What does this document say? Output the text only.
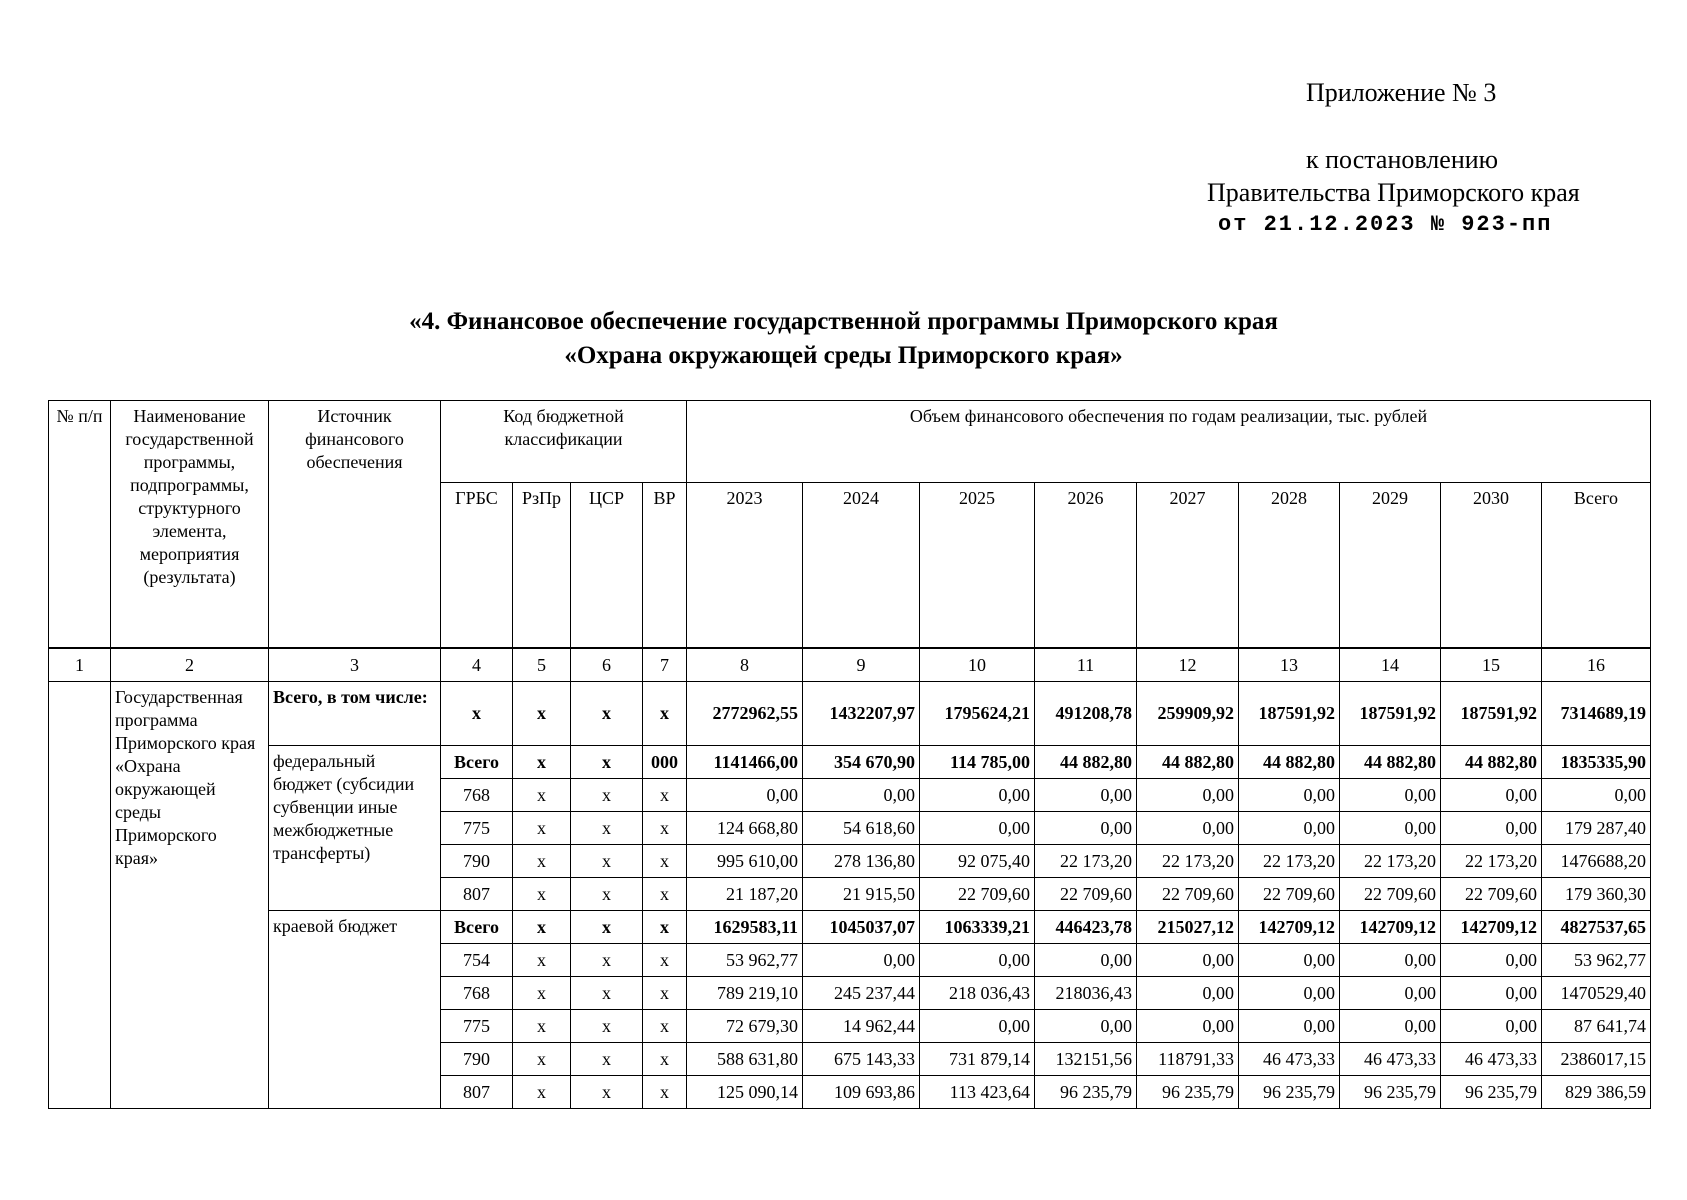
Приложение № 3
к постановлению
Правительства Приморского края
от 21.12.2023 № 923-пп
«4. Финансовое обеспечение государственной программы Приморского края
«Охрана окружающей среды Приморского края»
№ п/п	Наименование государственной программы, подпрограммы, структурного элемента, мероприятия (результата)	Источник финансового обеспечения	Код бюджетной классификации				Объем финансового обеспечения по годам реализации, тыс. рублей								
			ГРБС	РзПр	ЦСР	ВР	2023	2024	2025	2026	2027	2028	2029	2030	Всего
1	2	3	4	5	6	7	8	9	10	11	12	13	14	15	16
	Государственная программа Приморского края «Охрана окружающей среды Приморского края»	Всего, в том числе:	x	x	x	x	2772962,55	1432207,97	1795624,21	491208,78	259909,92	187591,92	187591,92	187591,92	7314689,19
		федеральный бюджет (субсидии субвенции иные межбюджетные трансферты)	Всего	x	x	000	1141466,00	354 670,90	114 785,00	44 882,80	44 882,80	44 882,80	44 882,80	44 882,80	1835335,90
			768	x	x	x	0,00	0,00	0,00	0,00	0,00	0,00	0,00	0,00	0,00
			775	x	x	x	124 668,80	54 618,60	0,00	0,00	0,00	0,00	0,00	0,00	179 287,40
			790	x	x	x	995 610,00	278 136,80	92 075,40	22 173,20	22 173,20	22 173,20	22 173,20	22 173,20	1476688,20
			807	x	x	x	21 187,20	21 915,50	22 709,60	22 709,60	22 709,60	22 709,60	22 709,60	22 709,60	179 360,30
		краевой бюджет	Всего	x	x	x	1629583,11	1045037,07	1063339,21	446423,78	215027,12	142709,12	142709,12	142709,12	4827537,65
			754	x	x	x	53 962,77	0,00	0,00	0,00	0,00	0,00	0,00	0,00	53 962,77
			768	x	x	x	789 219,10	245 237,44	218 036,43	218036,43	0,00	0,00	0,00	0,00	1470529,40
			775	x	x	x	72 679,30	14 962,44	0,00	0,00	0,00	0,00	0,00	0,00	87 641,74
			790	x	x	x	588 631,80	675 143,33	731 879,14	132151,56	118791,33	46 473,33	46 473,33	46 473,33	2386017,15
			807	x	x	x	125 090,14	109 693,86	113 423,64	96 235,79	96 235,79	96 235,79	96 235,79	96 235,79	829 386,59
